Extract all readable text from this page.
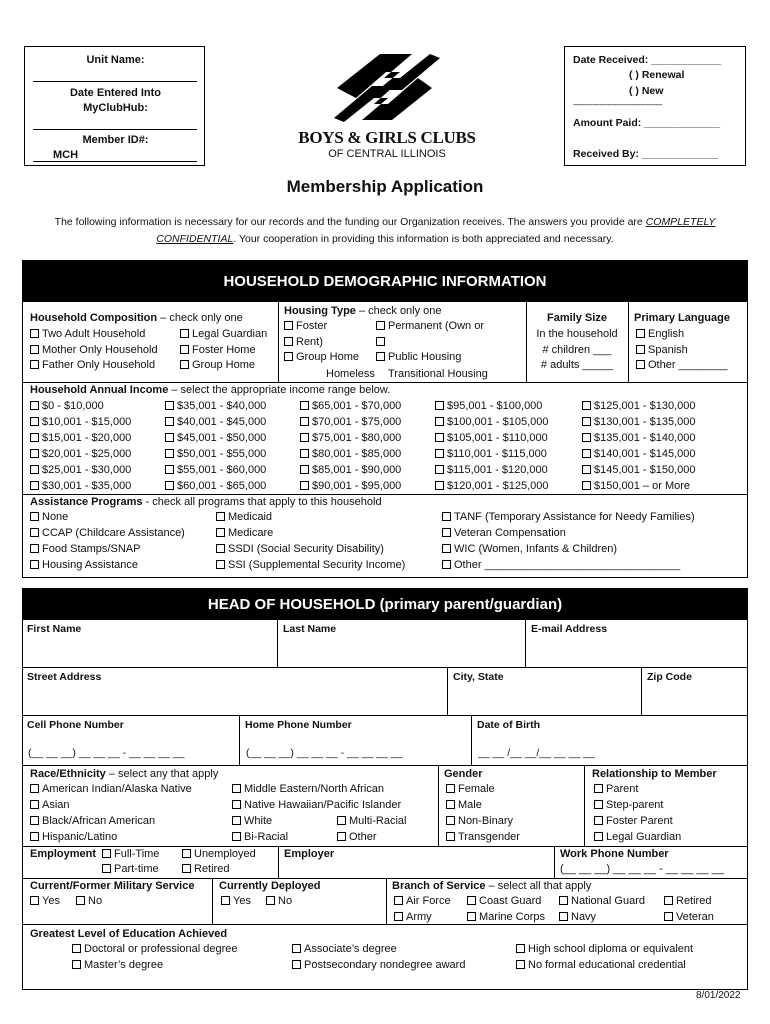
Unit Name:
Date Entered Into
MyClubHub:
Member ID#:
MCH
BOYS & GIRLS CLUBS
OF CENTRAL ILLINOIS
Date Received: ____________
( ) Renewal
( ) New
-----------------------------------------
Amount Paid: _____________
Received By: _____________
Membership Application
The following information is necessary for our records and the funding our Organization receives. The answers you provide are COMPLETELY
CONFIDENTIAL. Your cooperation in providing this information is both appreciated and necessary.
HOUSEHOLD DEMOGRAPHIC INFORMATION
Household Composition – check only one
Two Adult Household	Legal Guardian
Mother Only Household	Foster Home
Father Only Household	Group Home
Housing Type – check only one
Foster	Permanent (Own or
Rent)
Group Home	Public Housing
Homeless Transitional Housing
Family Size
In the household
# children ___
# adults _____
Primary Language
English
Spanish
Other ________
Household Annual Income – select the appropriate income range below.
$0 - $10,000
$10,001 - $15,000
$15,001 - $20,000
$20,001 - $25,000
$25,001 - $30,000
$30,001 - $35,000
$35,001 - $40,000
$40,001 - $45,000
$45,001 - $50,000
$50,001 - $55,000
$55,001 - $60,000
$60,001 - $65,000
$65,001 - $70,000
$70,001 - $75,000
$75,001 - $80,000
$80,001 - $85,000
$85,001 - $90,000
$90,001 - $95,000
$95,001 - $100,000
$100,001 - $105,000
$105,001 - $110,000
$110,001 - $115,000
$115,001 - $120,000
$120,001 - $125,000
$125,001 - $130,000
$130,001 - $135,000
$135,001 - $140,000
$140,001 - $145,000
$145,001 - $150,000
$150,001 – or More
Assistance Programs - check all programs that apply to this household
None
CCAP (Childcare Assistance)
Food Stamps/SNAP
Housing Assistance
Medicaid
Medicare
SSDI (Social Security Disability)
SSI (Supplemental Security Income)
TANF (Temporary Assistance for Needy Families)
Veteran Compensation
WIC (Women, Infants & Children)
Other ________________________________
HEAD OF HOUSEHOLD (primary parent/guardian)
First Name	Last Name	E-mail Address
Street Address	City, State	Zip Code
Cell Phone Number
(__ __ __) __ __ __ - __ __ __ __
Home Phone Number
(__ __ __) __ __ __ - __ __ __ __
Date of Birth
__ __ /__ __/__ __ __ __
Race/Ethnicity – select any that apply
American Indian/Alaska Native
Asian
Black/African American
Hispanic/Latino
Middle Eastern/North African
Native Hawaiian/Pacific Islander
White
Bi-Racial
Multi-Racial
Other
Gender
Female
Male
Non-Binary
Transgender
Relationship to Member
Parent
Step-parent
Foster Parent
Legal Guardian
Employment	Full-Time	Unemployed
Part-time	Retired
Employer	Work Phone Number
(__ __ __) __ __ __ - __ __ __ __
Current/Former Military Service
Yes	No
Currently Deployed
Yes	No
Branch of Service – select all that apply
Air Force	Coast Guard	National Guard	Retired
Army	Marine Corps	Navy	Veteran
Greatest Level of Education Achieved
Doctoral or professional degree
Master’s degree
Associate’s degree
Postsecondary nondegree award
High school diploma or equivalent
No formal educational credential
8/01/2022
